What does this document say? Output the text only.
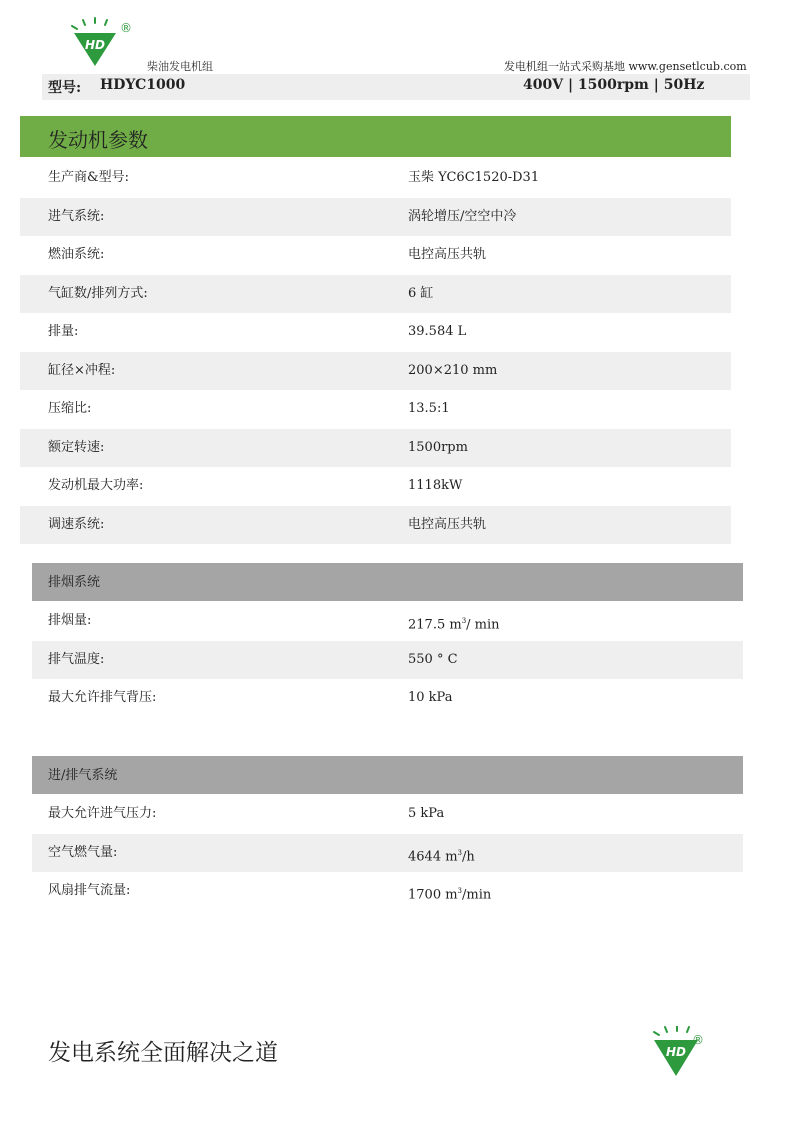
HD
®
柴油发电机组	发电机组一站式采购基地 www.gensetlcub.com
型号: HDYC1000	400V | 1500rpm | 50Hz
发动机参数
生产商&型号:	玉柴 YC6C1520-D31
进气系统:	涡轮增压/空空中冷
燃油系统:	电控高压共轨
气缸数/排列方式:	6 缸
排量:	39.584 L
缸径×冲程:	200×210 mm
压缩比:	13.5:1
额定转速:	1500rpm
发动机最大功率:	1118kW
调速系统:	电控高压共轨
排烟系统
排烟量:	217.5 $m^3/$ min
排气温度:	550 ° C
最大允许排气背压:	10 kPa
进/排气系统
最大允许进气压力:	5 kPa
空气燃气量:	4644 $m^3/h$
风扇排气流量:	1700 $m^3/\min$
发电系统全面解决之道	HD
®
